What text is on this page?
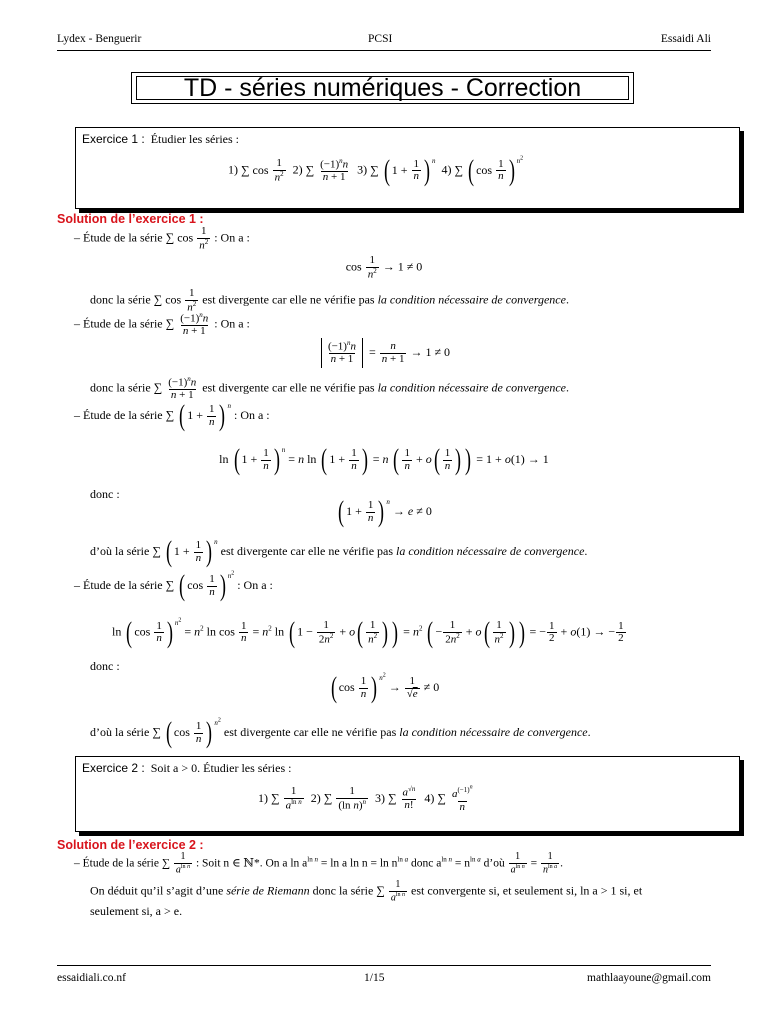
Lydex - Benguerir	PCSI	Essaidi Ali
TD - séries numériques - Correction
Exercice 1 : Étudier les séries :
1) ∑ $\cos \frac{1}{n^2} 2$) ∑ $\frac{(-1)^nn}{n + 1} 3$) ∑ ( $1 + \frac{1}{n}$ ) $^n$  4) ∑ ( $\cos \frac{1}{n}$ ) $^{n^2}$
Solution de l’exercice 1 :
– Étude de la série ∑ $\cos \frac{1}{n^2}$ : On a :
$\cos \frac{1}{n^2} \to 1 \ne 0$
donc la série ∑ $\cos \frac{1}{n^2}$ est divergente car elle ne vérifie pas la condition nécessaire de convergence.
– Étude de la série ∑ $\frac{(-1)^nn}{n + 1}$ : On a :
$\frac{(-1)^nn}{n + 1} = \frac{n}{n + 1} \to 1 \ne 0$
donc la série ∑ $\frac{(-1)^nn}{n + 1}$ est divergente car elle ne vérifie pas la condition nécessaire de convergence.
– Étude de la série ∑ ( $1 + \frac{1}{n}$ ) $^n$ : On a :
ln ( $1 + \frac{1}{n}$ ) $^n$ = n ln ( $1 + \frac{1}{n}$ ) = n ( $\frac{1}{n} + o( \frac{1}{n}$ ) ) = 1 + o(1) → 1
donc :
( $1 + \frac{1}{n}$ ) $^n$ → e ≠ 0
d’où la série ∑ ( $1 + \frac{1}{n}$ ) $^n$ est divergente car elle ne vérifie pas la condition nécessaire de convergence.
– Étude de la série ∑ ( $\cos \frac{1}{n}$ ) $^{n^2}$ : On a :
ln ( $\cos \frac{1}{n}$ ) $^{n^2} = n^2$ $\ln \cos \frac{1}{n} = n^2$ ln ( $1 - \frac{1}{2n^2} + o( \frac{1}{n^2}$ ) ) = $n^2$ ( − $\frac{1}{2n^2} + o( \frac{1}{n^2}$ ) ) = − $\frac{1}{2} + o(1)$ → − $\frac{1}{2}$
donc :
( $\cos \frac{1}{n}$ ) $^{n^2} \to \frac{1}{√e} \ne 0$
d’où la série ∑ ( $\cos \frac{1}{n}$ ) $^{n^2}$ est divergente car elle ne vérifie pas la condition nécessaire de convergence.
Exercice 2 : Soit a > 0. Étudier les séries :
1) ∑ $\frac{1}{a^{ln n}} 2$) ∑ $\frac{1}{(\ln n)^n} 3$) ∑ $\frac{a^{√n}}{n!} 4$) ∑ $\frac{a^{(-1)^n}}{n}$
Solution de l’exercice 2 :
– Étude de la série ∑ $\frac{1}{a^{ln n}}$ : Soit n ∈ ℕ*. On a $\ln a^{ln n} = \ln a$ $\ln n = \ln n^{ln a}$ donc $a^{ln n} = n^{ln a}$ d’où $\frac{1}{a^{ln n}} = \frac{1}{n^{ln a}}$ .
On déduit qu’il s’agit d’une série de Riemann donc la série ∑ $\frac{1}{a^{ln n}}$ est convergente si, et seulement si, ln a > 1 si, et
seulement si, a > e.
essaidiali.co.nf	1/15	mathlaayoune@gmail.com
